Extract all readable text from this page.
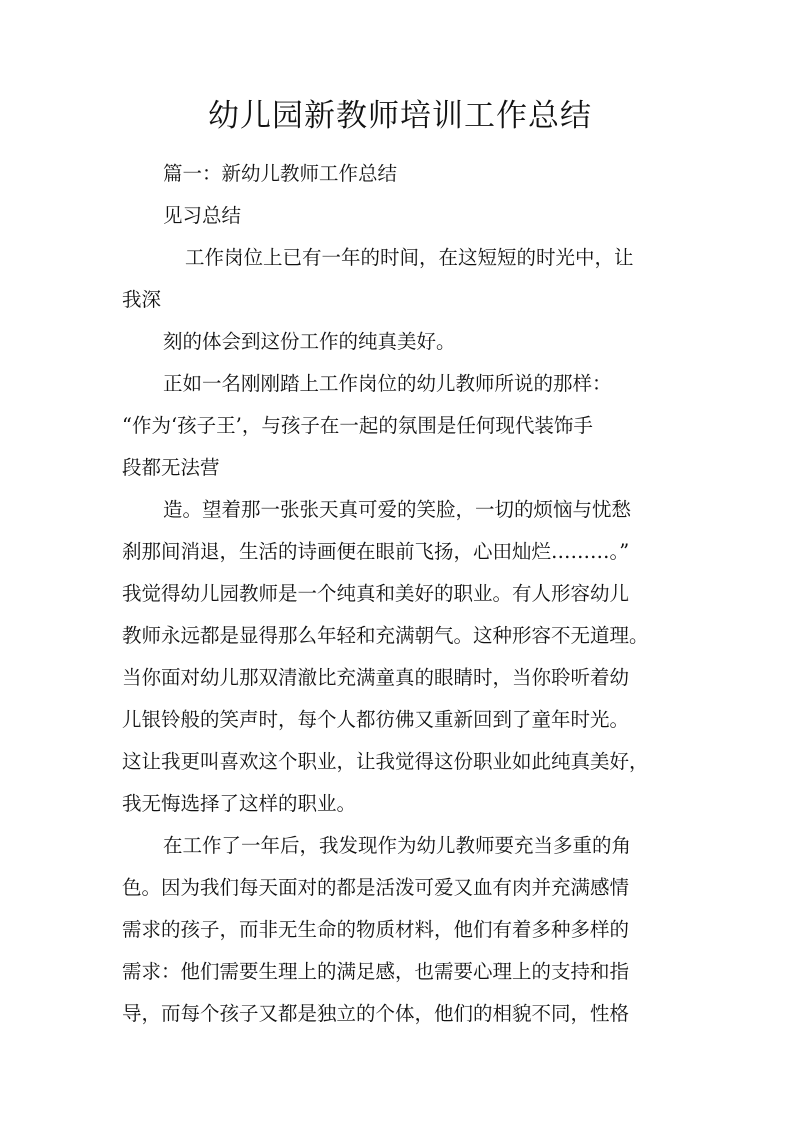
幼儿园新教师培训工作总结

篇一：新幼儿教师工作总结

见习总结

工作岗位上已有一年的时间，在这短短的时光中，让

我深

刻的体会到这份工作的纯真美好。

正如一名刚刚踏上工作岗位的幼儿教师所说的那样：

“作为‘孩子王’，与孩子在一起的氛围是任何现代装饰手

段都无法营

造。望着那一张张天真可爱的笑脸，一切的烦恼与忧愁

刹那间消退，生活的诗画便在眼前飞扬，心田灿烂………。”

我觉得幼儿园教师是一个纯真和美好的职业。有人形容幼儿

教师永远都是显得那么年轻和充满朝气。这种形容不无道理。

当你面对幼儿那双清澈比充满童真的眼睛时，当你聆听着幼

儿银铃般的笑声时，每个人都彷佛又重新回到了童年时光。

这让我更叫喜欢这个职业，让我觉得这份职业如此纯真美好，

我无悔选择了这样的职业。

在工作了一年后，我发现作为幼儿教师要充当多重的角

色。因为我们每天面对的都是活泼可爱又血有肉并充满感情

需求的孩子，而非无生命的物质材料，他们有着多种多样的

需求：他们需要生理上的满足感，也需要心理上的支持和指

导，而每个孩子又都是独立的个体，他们的相貌不同，性格
